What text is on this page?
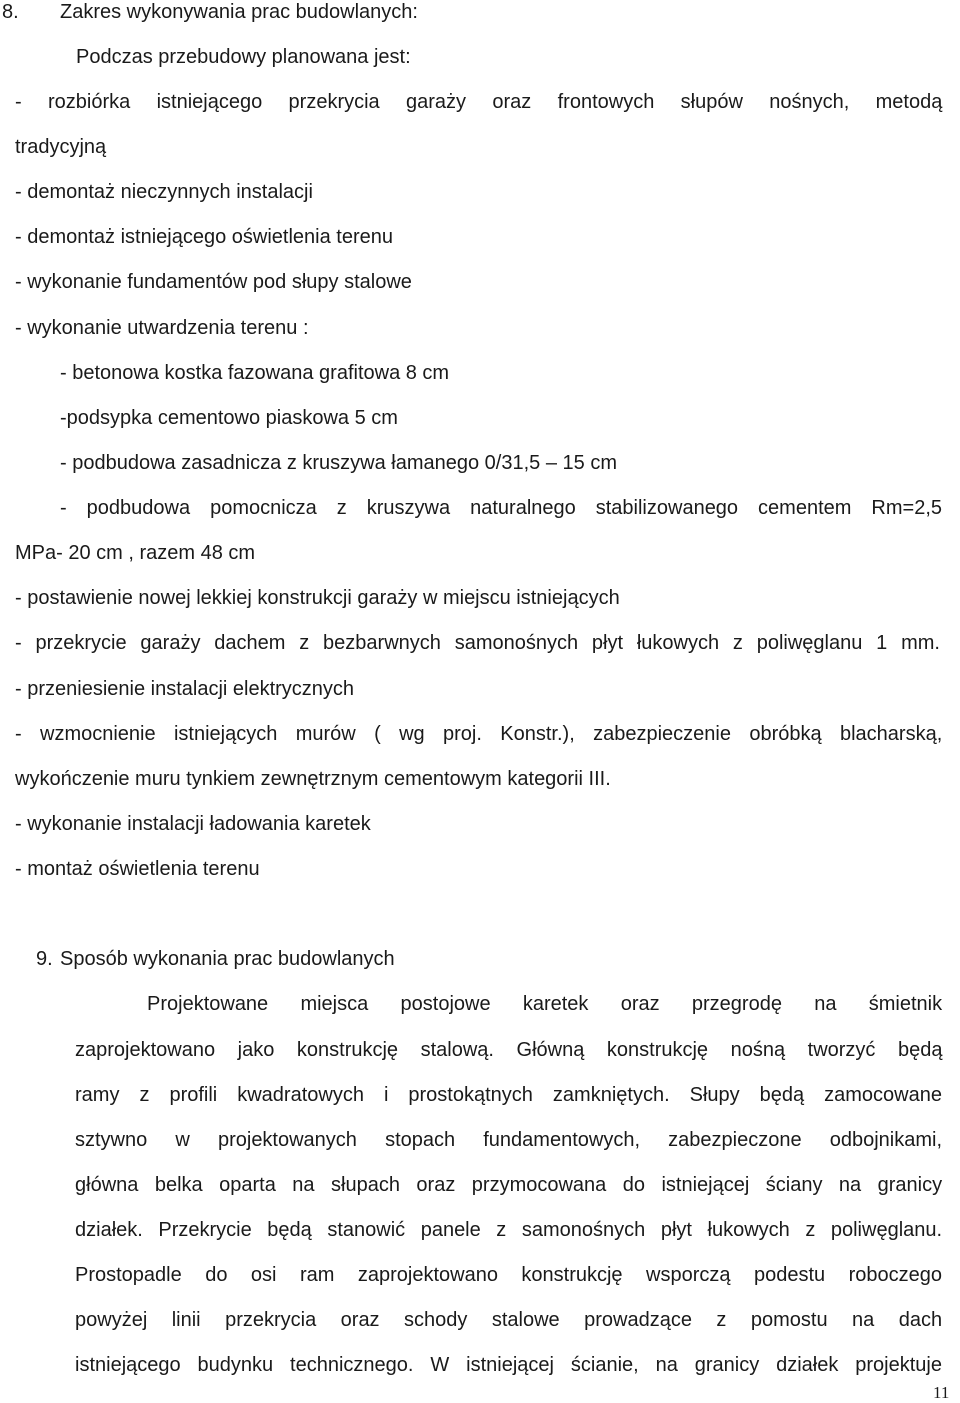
8. Zakres wykonywania prac budowlanych:
Podczas przebudowy planowana jest:
- rozbiórka istniejącego przekrycia garaży oraz frontowych słupów nośnych, metodą
tradycyjną
- demontaż nieczynnych instalacji
- demontaż istniejącego oświetlenia terenu
- wykonanie fundamentów pod słupy stalowe
- wykonanie utwardzenia terenu :
- betonowa kostka fazowana grafitowa 8 cm
-podsypka cementowo piaskowa 5 cm
- podbudowa zasadnicza z kruszywa łamanego 0/31,5 – 15 cm
- podbudowa pomocnicza z kruszywa naturalnego stabilizowanego cementem Rm=2,5
MPa- 20 cm , razem 48 cm
- postawienie nowej lekkiej konstrukcji garaży w miejscu istniejących
- przekrycie garaży dachem z bezbarwnych samonośnych płyt łukowych z poliwęglanu 1 mm.
- przeniesienie instalacji elektrycznych
- wzmocnienie istniejących murów ( wg proj. Konstr.), zabezpieczenie obróbką blacharską,
wykończenie muru tynkiem zewnętrznym cementowym kategorii III.
- wykonanie instalacji ładowania karetek
- montaż oświetlenia terenu
9. Sposób wykonania prac budowlanych
Projektowane miejsca postojowe karetek oraz przegrodę na śmietnik
zaprojektowano jako konstrukcję stalową. Główną konstrukcję nośną tworzyć będą
ramy z profili kwadratowych i prostokątnych zamkniętych. Słupy będą zamocowane
sztywno w projektowanych stopach fundamentowych, zabezpieczone odbojnikami,
główna belka oparta na słupach oraz przymocowana do istniejącej ściany na granicy
działek. Przekrycie będą stanowić panele z samonośnych płyt łukowych z poliwęglanu.
Prostopadle do osi ram zaprojektowano konstrukcję wsporczą podestu roboczego
powyżej linii przekrycia oraz schody stalowe prowadzące z pomostu na dach
istniejącego budynku technicznego. W istniejącej ścianie, na granicy działek projektuje
11
